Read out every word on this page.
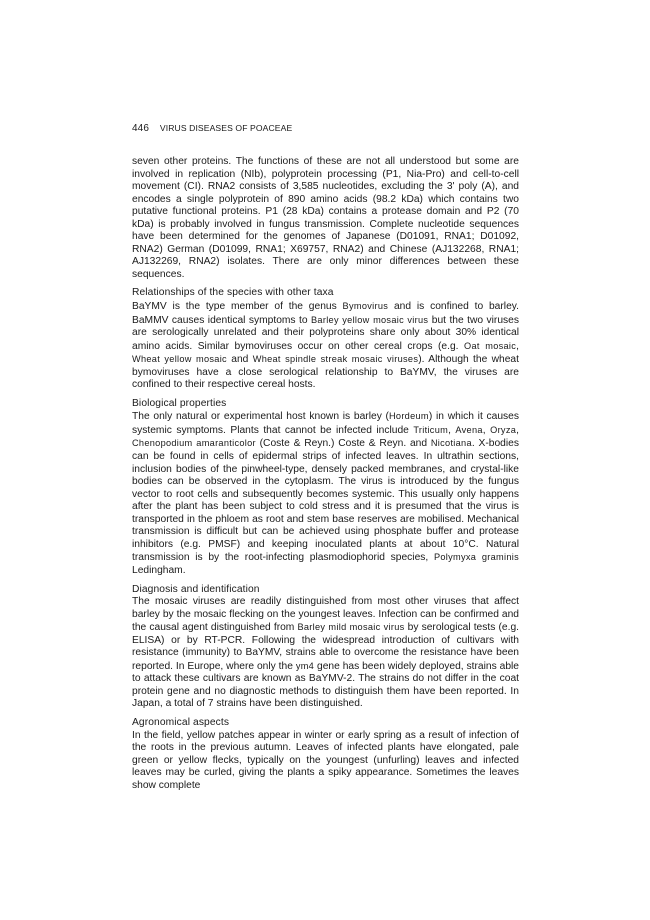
446 VIRUS DISEASES OF POACEAE

seven other proteins. The functions of these are not all understood but some are involved in replication (NIb), polyprotein processing (P1, Nia-Pro) and cell-to-cell movement (CI). RNA2 consists of 3,585 nucleotides, excluding the 3' poly (A), and encodes a single polyprotein of 890 amino acids (98.2 kDa) which contains two putative functional proteins. P1 (28 kDa) contains a protease domain and P2 (70 kDa) is probably involved in fungus transmission. Complete nucleotide sequences have been determined for the genomes of Japanese (D01091, RNA1; D01092, RNA2) German (D01099, RNA1; X69757, RNA2) and Chinese (AJ132268, RNA1; AJ132269, RNA2) isolates. There are only minor differences between these sequences.

Relationships of the species with other taxa

BaYMV is the type member of the genus Bymovirus and is confined to barley. BaMMV causes identical symptoms to Barley yellow mosaic virus but the two viruses are serologically unrelated and their polyproteins share only about 30% identical amino acids. Similar bymoviruses occur on other cereal crops (e.g. Oat mosaic, Wheat yellow mosaic and Wheat spindle streak mosaic viruses). Although the wheat bymoviruses have a close serological relationship to BaYMV, the viruses are confined to their respective cereal hosts.

Biological properties

The only natural or experimental host known is barley (Hordeum) in which it causes systemic symptoms. Plants that cannot be infected include Triticum, Avena, Oryza, Chenopodium amaranticolor (Coste & Reyn.) Coste & Reyn. and Nicotiana. X-bodies can be found in cells of epidermal strips of infected leaves. In ultrathin sections, inclusion bodies of the pinwheel-type, densely packed membranes, and crystal-like bodies can be observed in the cytoplasm. The virus is introduced by the fungus vector to root cells and subsequently becomes systemic. This usually only happens after the plant has been subject to cold stress and it is presumed that the virus is transported in the phloem as root and stem base reserves are mobilised. Mechanical transmission is difficult but can be achieved using phosphate buffer and protease inhibitors (e.g. PMSF) and keeping inoculated plants at about 10°C. Natural transmission is by the root-infecting plasmodiophorid species, Polymyxa graminis Ledingham.

Diagnosis and identification

The mosaic viruses are readily distinguished from most other viruses that affect barley by the mosaic flecking on the youngest leaves. Infection can be confirmed and the causal agent distinguished from Barley mild mosaic virus by serological tests (e.g. ELISA) or by RT-PCR. Following the widespread introduction of cultivars with resistance (immunity) to BaYMV, strains able to overcome the resistance have been reported. In Europe, where only the ym4 gene has been widely deployed, strains able to attack these cultivars are known as BaYMV-2. The strains do not differ in the coat protein gene and no diagnostic methods to distinguish them have been reported. In Japan, a total of 7 strains have been distinguished.

Agronomical aspects

In the field, yellow patches appear in winter or early spring as a result of infection of the roots in the previous autumn. Leaves of infected plants have elongated, pale green or yellow flecks, typically on the youngest (unfurling) leaves and infected leaves may be curled, giving the plants a spiky appearance. Sometimes the leaves show complete
